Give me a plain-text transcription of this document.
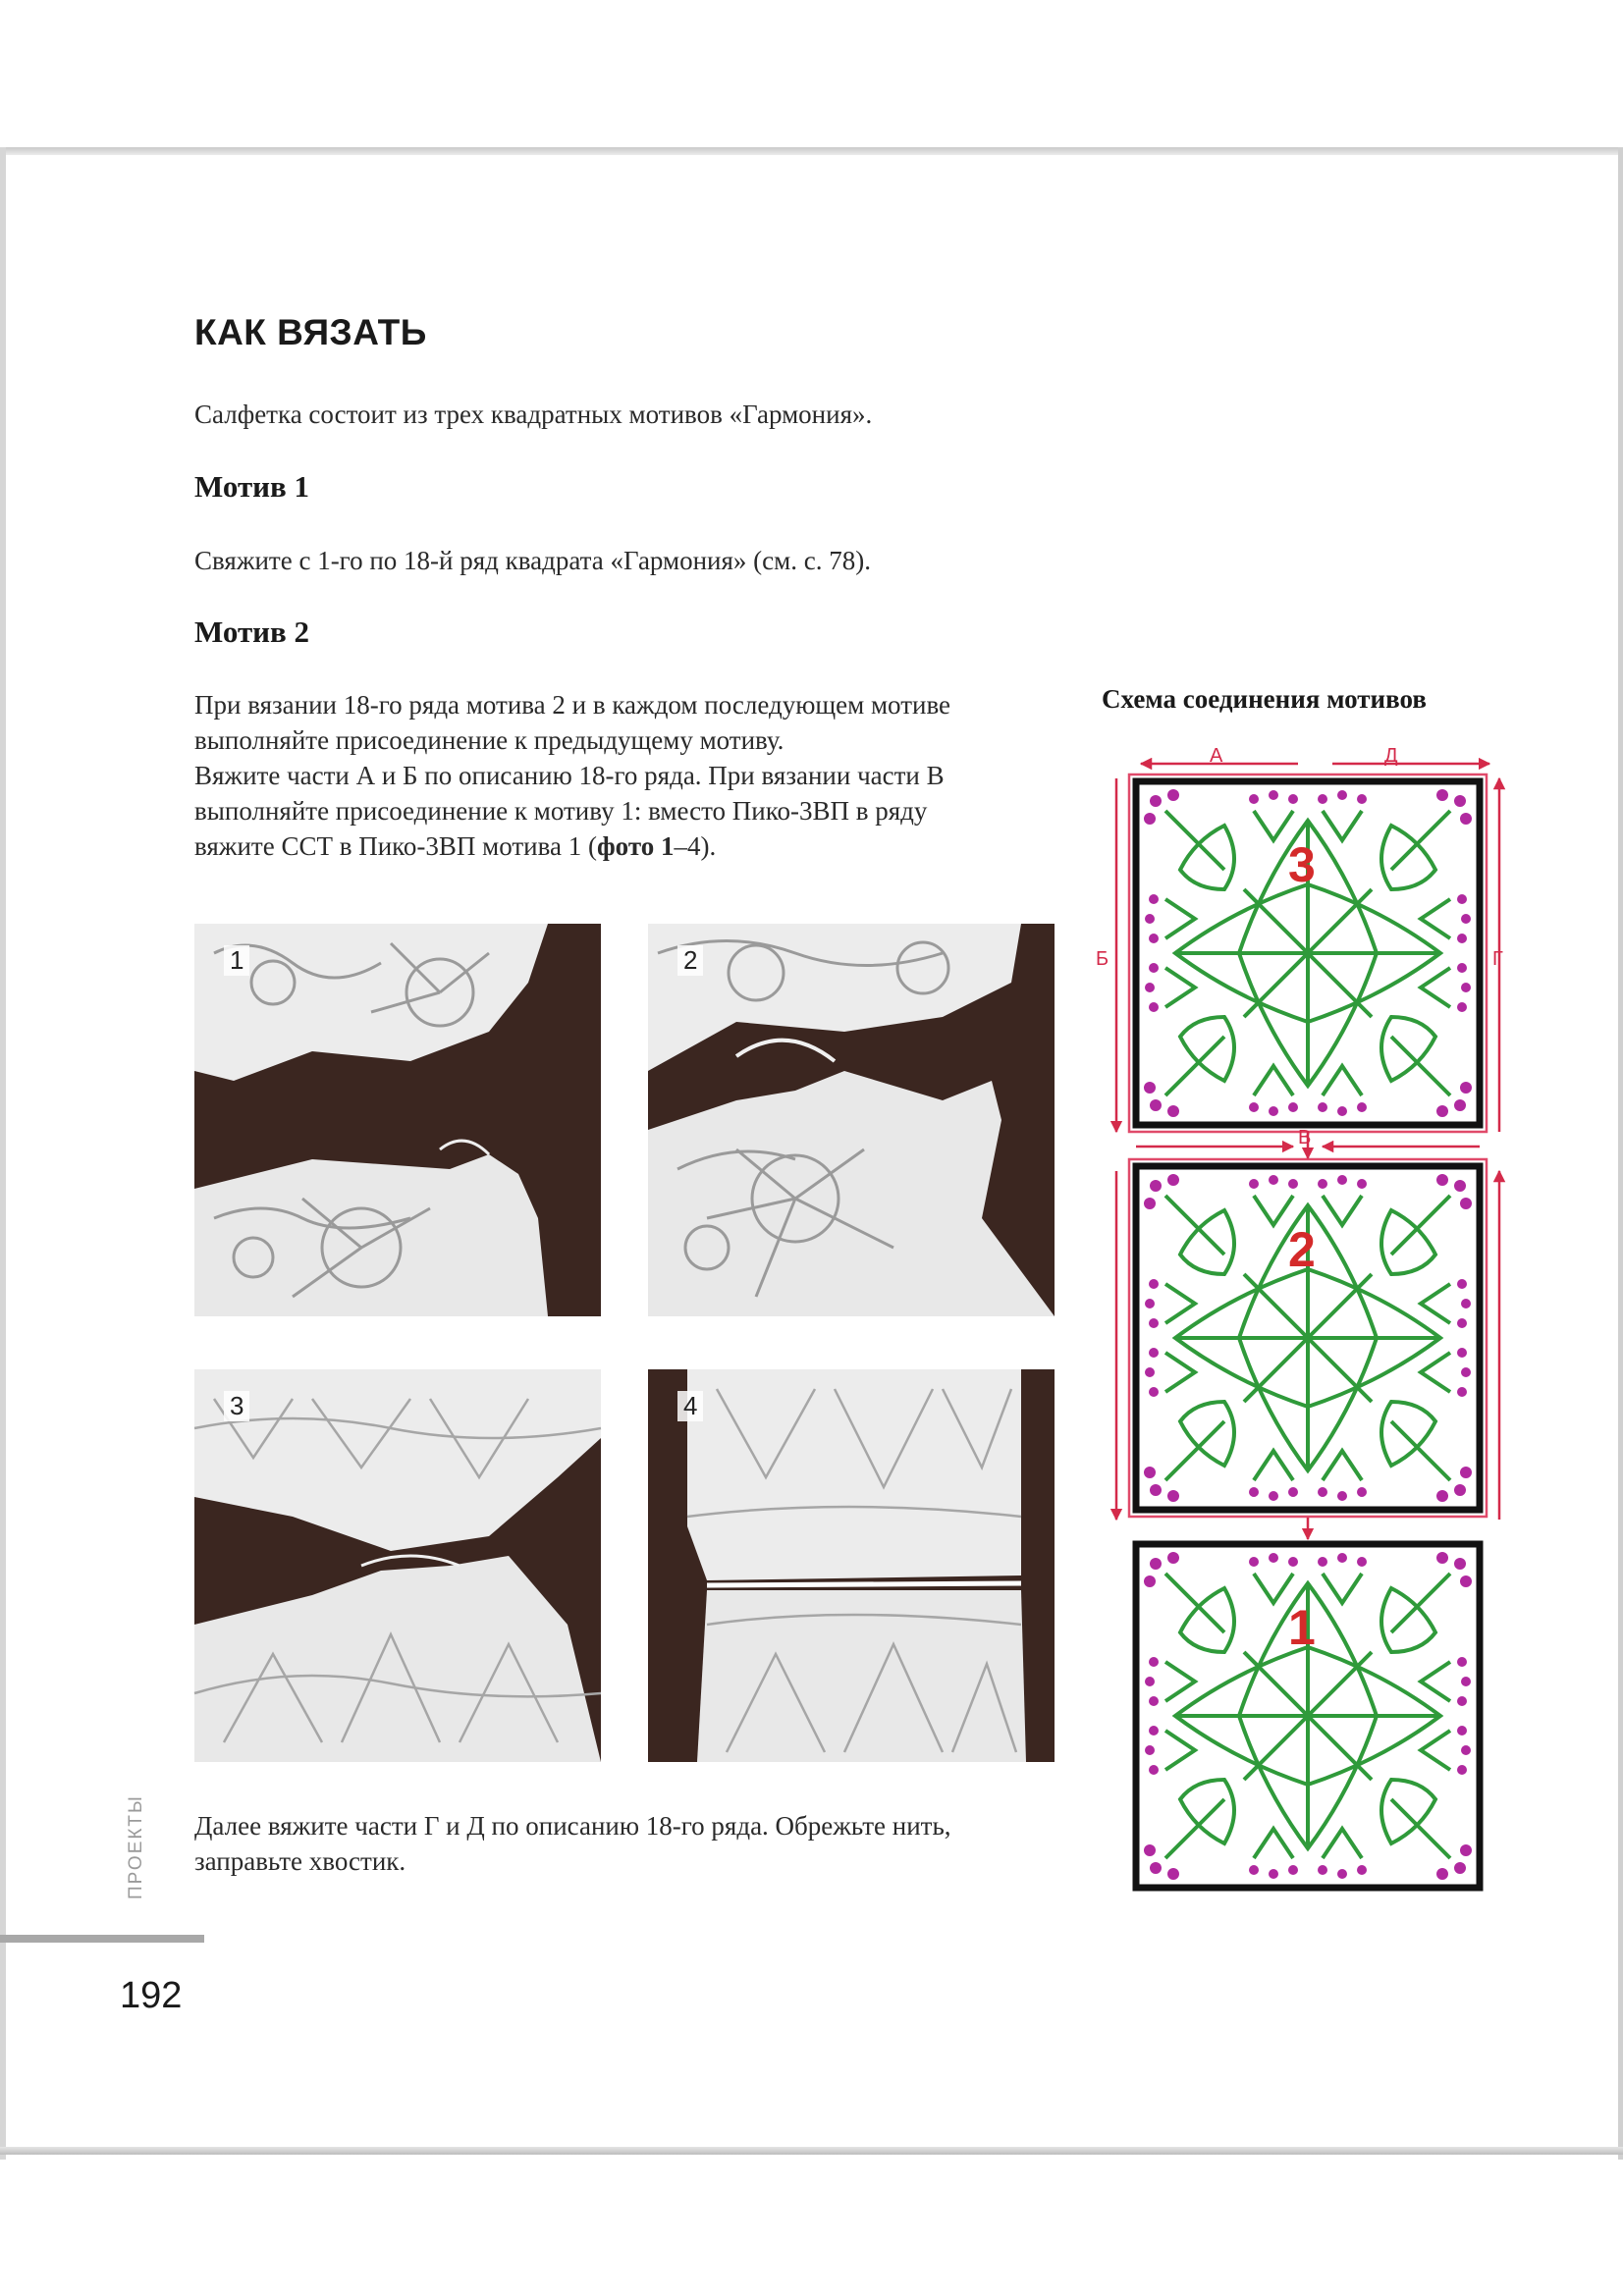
КАК ВЯЗАТЬ

Салфетка состоит из трех квадратных мотивов «Гармония».

Мотив 1

Свяжите с 1-го по 18-й ряд квадрата «Гармония» (см. с. 78).

Мотив 2

При вязании 18-го ряда мотива 2 и в каждом последующем мотиве
выполняйте присоединение к предыдущему мотиву.
Вяжите части А и Б по описанию 18-го ряда. При вязании части В
выполняйте присоединение к мотиву 1: вместо Пико-3ВП в ряду
вяжите ССТ в Пико-3ВП мотива 1 (фото 1–4).

1	2
3	4

Далее вяжите части Г и Д по описанию 18-го ряда. Обрежьте нить,
заправьте хвостик.

ПРОЕКТЫ
192
Схема соединения мотивов
А	Д
Б	Г
В
3
2
1
